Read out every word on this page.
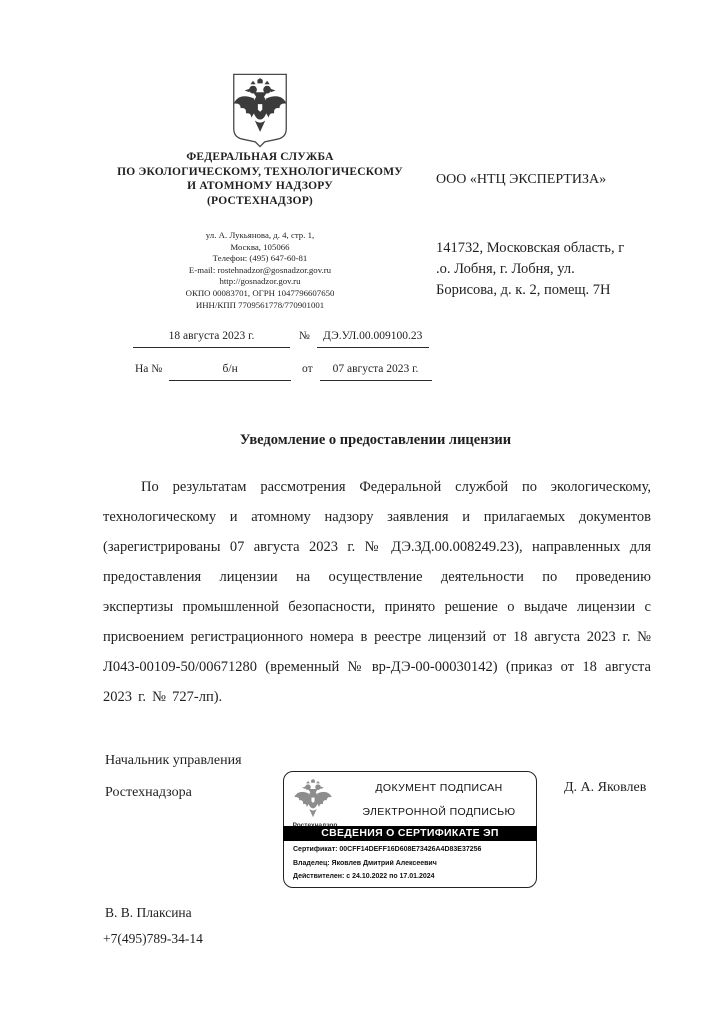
ФЕДЕРАЛЬНАЯ СЛУЖБА
ПО ЭКОЛОГИЧЕСКОМУ, ТЕХНОЛОГИЧЕСКОМУ
И АТОМНОМУ НАДЗОРУ
(РОСТЕХНАДЗОР)
ул. А. Лукьянова, д. 4, стр. 1,
Москва, 105066
Телефон: (495) 647-60-81
E-mail: rostehnadzor@gosnadzor.gov.ru
http://gosnadzor.gov.ru
ОКПО 00083701, ОГРН 1047796607650
ИНН/КПП 7709561778/770901001
18 августа 2023 г.	№ ДЭ.УЛ.00.009100.23
На №	б/н	от 07 августа 2023 г.
ООО «НТЦ ЭКСПЕРТИЗА»
141732, Московская область, г
.о. Лобня, г. Лобня, ул.
Борисова, д. к. 2, помещ. 7Н
Уведомление о предоставлении лицензии
По результатам рассмотрения Федеральной службой по экологическому, технологическому и атомному надзору заявления и прилагаемых документов (зарегистрированы 07 августа 2023 г. № ДЭ.ЗД.00.008249.23), направленных для предоставления лицензии на осуществление деятельности по проведению экспертизы промышленной безопасности, принято решение о выдаче лицензии с присвоением регистрационного номера в реестре лицензий от 18 августа 2023 г. № Л043-00109-50/00671280 (временный № вр-ДЭ-00-00030142) (приказ от 18 августа 2023 г. № 727-лп).
Начальник управления
Ростехнадзора	Д. А. Яковлев
ДОКУМЕНТ ПОДПИСАН
ЭЛЕКТРОННОЙ ПОДПИСЬЮ
СВЕДЕНИЯ О СЕРТИФИКАТЕ ЭП
Сертификат: 00CFF14DEFF16D608E73426A4D83E37256
Владелец: Яковлев Дмитрий Алексеевич
Действителен: с 24.10.2022 по 17.01.2024
В. В. Плаксина
+7(495)789-34-14
